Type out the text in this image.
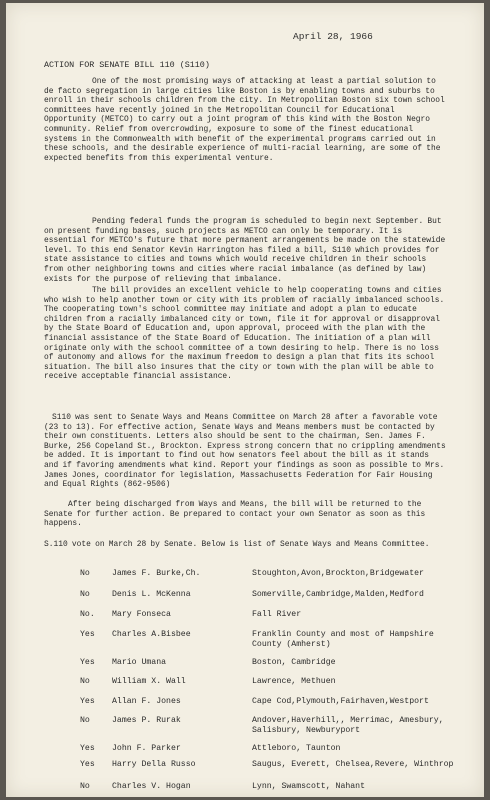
April 28, 1966
ACTION FOR SENATE BILL 110 (S110)

One of the most promising ways of attacking at least a partial solution to de facto segregation in large cities like Boston is by enabling towns and suburbs to enroll in their schools children from the city. In Metropolitan Boston six town school committees have recently joined in the Metropolitan Council for Educational Opportunity (METCO) to carry out a joint program of this kind with the Boston Negro community. Relief from overcrowding, exposure to some of the finest educational systems in the Commonwealth with benefit of the experimental programs carried out in these schools, and the desirable experience of multi-racial learning, are some of the expected benefits from this experimental venture.

Pending federal funds the program is scheduled to begin next September. But on present funding bases, such projects as METCO can only be temporary. It is essential for METCO's future that more permanent arrangements be made on the statewide level. To this end Senator Kevin Harrington has filed a bill, S110 which provides for state assistance to cities and towns which would receive children in their schools from other neighboring towns and cities where racial imbalance (as defined by law) exists for the purpose of relieving that imbalance.

The bill provides an excellent vehicle to help cooperating towns and cities who wish to help another town or city with its problem of racially imbalanced schools. The cooperating town's school committee may initiate and adopt a plan to educate children from a racially imbalanced city or town, file it for approval or disapproval by the State Board of Education and, upon approval, proceed with the plan with the financial assistance of the State Board of Education. The initiation of a plan will originate only with the school committee of a town desiring to help. There is no loss of autonomy and allows for the maximum freedom to design a plan that fits its school situation. The bill also insures that the city or town with the plan will be able to receive acceptable financial assistance.

S110 was sent to Senate Ways and Means Committee on March 28 after a favorable vote (23 to 13). For effective action, Senate Ways and Means members must be contacted by their own constituents. Letters also should be sent to the chairman, Sen. James F. Burke, 256 Copeland St., Brockton. Express strong concern that no crippling amendments be added. It is important to find out how senators feel about the bill as it stands and if favoring amendments what kind. Report your findings as soon as possible to Mrs. James Jones, coordinator for legislation, Massachusetts Federation for Fair Housing and Equal Rights (862-9506)

After being discharged from Ways and Means, the bill will be returned to the Senate for further action. Be prepared to contact your own Senator as soon as this happens.

S.110 vote on March 28 by Senate. Below is list of Senate Ways and Means Committee.

No	James F. Burke,Ch.	Stoughton,Avon,Brockton,Bridgewater
No	Denis L. McKenna	Somerville,Cambridge,Malden,Medford
No. Mary Fonseca	Fall River
Yes Charles A.Bisbee	Franklin County and most of Hampshire County (Amherst)
Yes Mario Umana	Boston, Cambridge
No	William X. Wall	Lawrence, Methuen
Yes Allan F. Jones	Cape Cod,Plymouth,Fairhaven,Westport
No	James P. Rurak	Andover,Haverhill,, Merrimac, Amesbury, Salisbury, Newburyport
Yes John F. Parker	Attleboro, Taunton
Yes Harry Della Russo	Saugus, Everett, Chelsea,Revere, Winthrop
No	Charles V. Hogan	Lynn, Swamscott, Nahant
